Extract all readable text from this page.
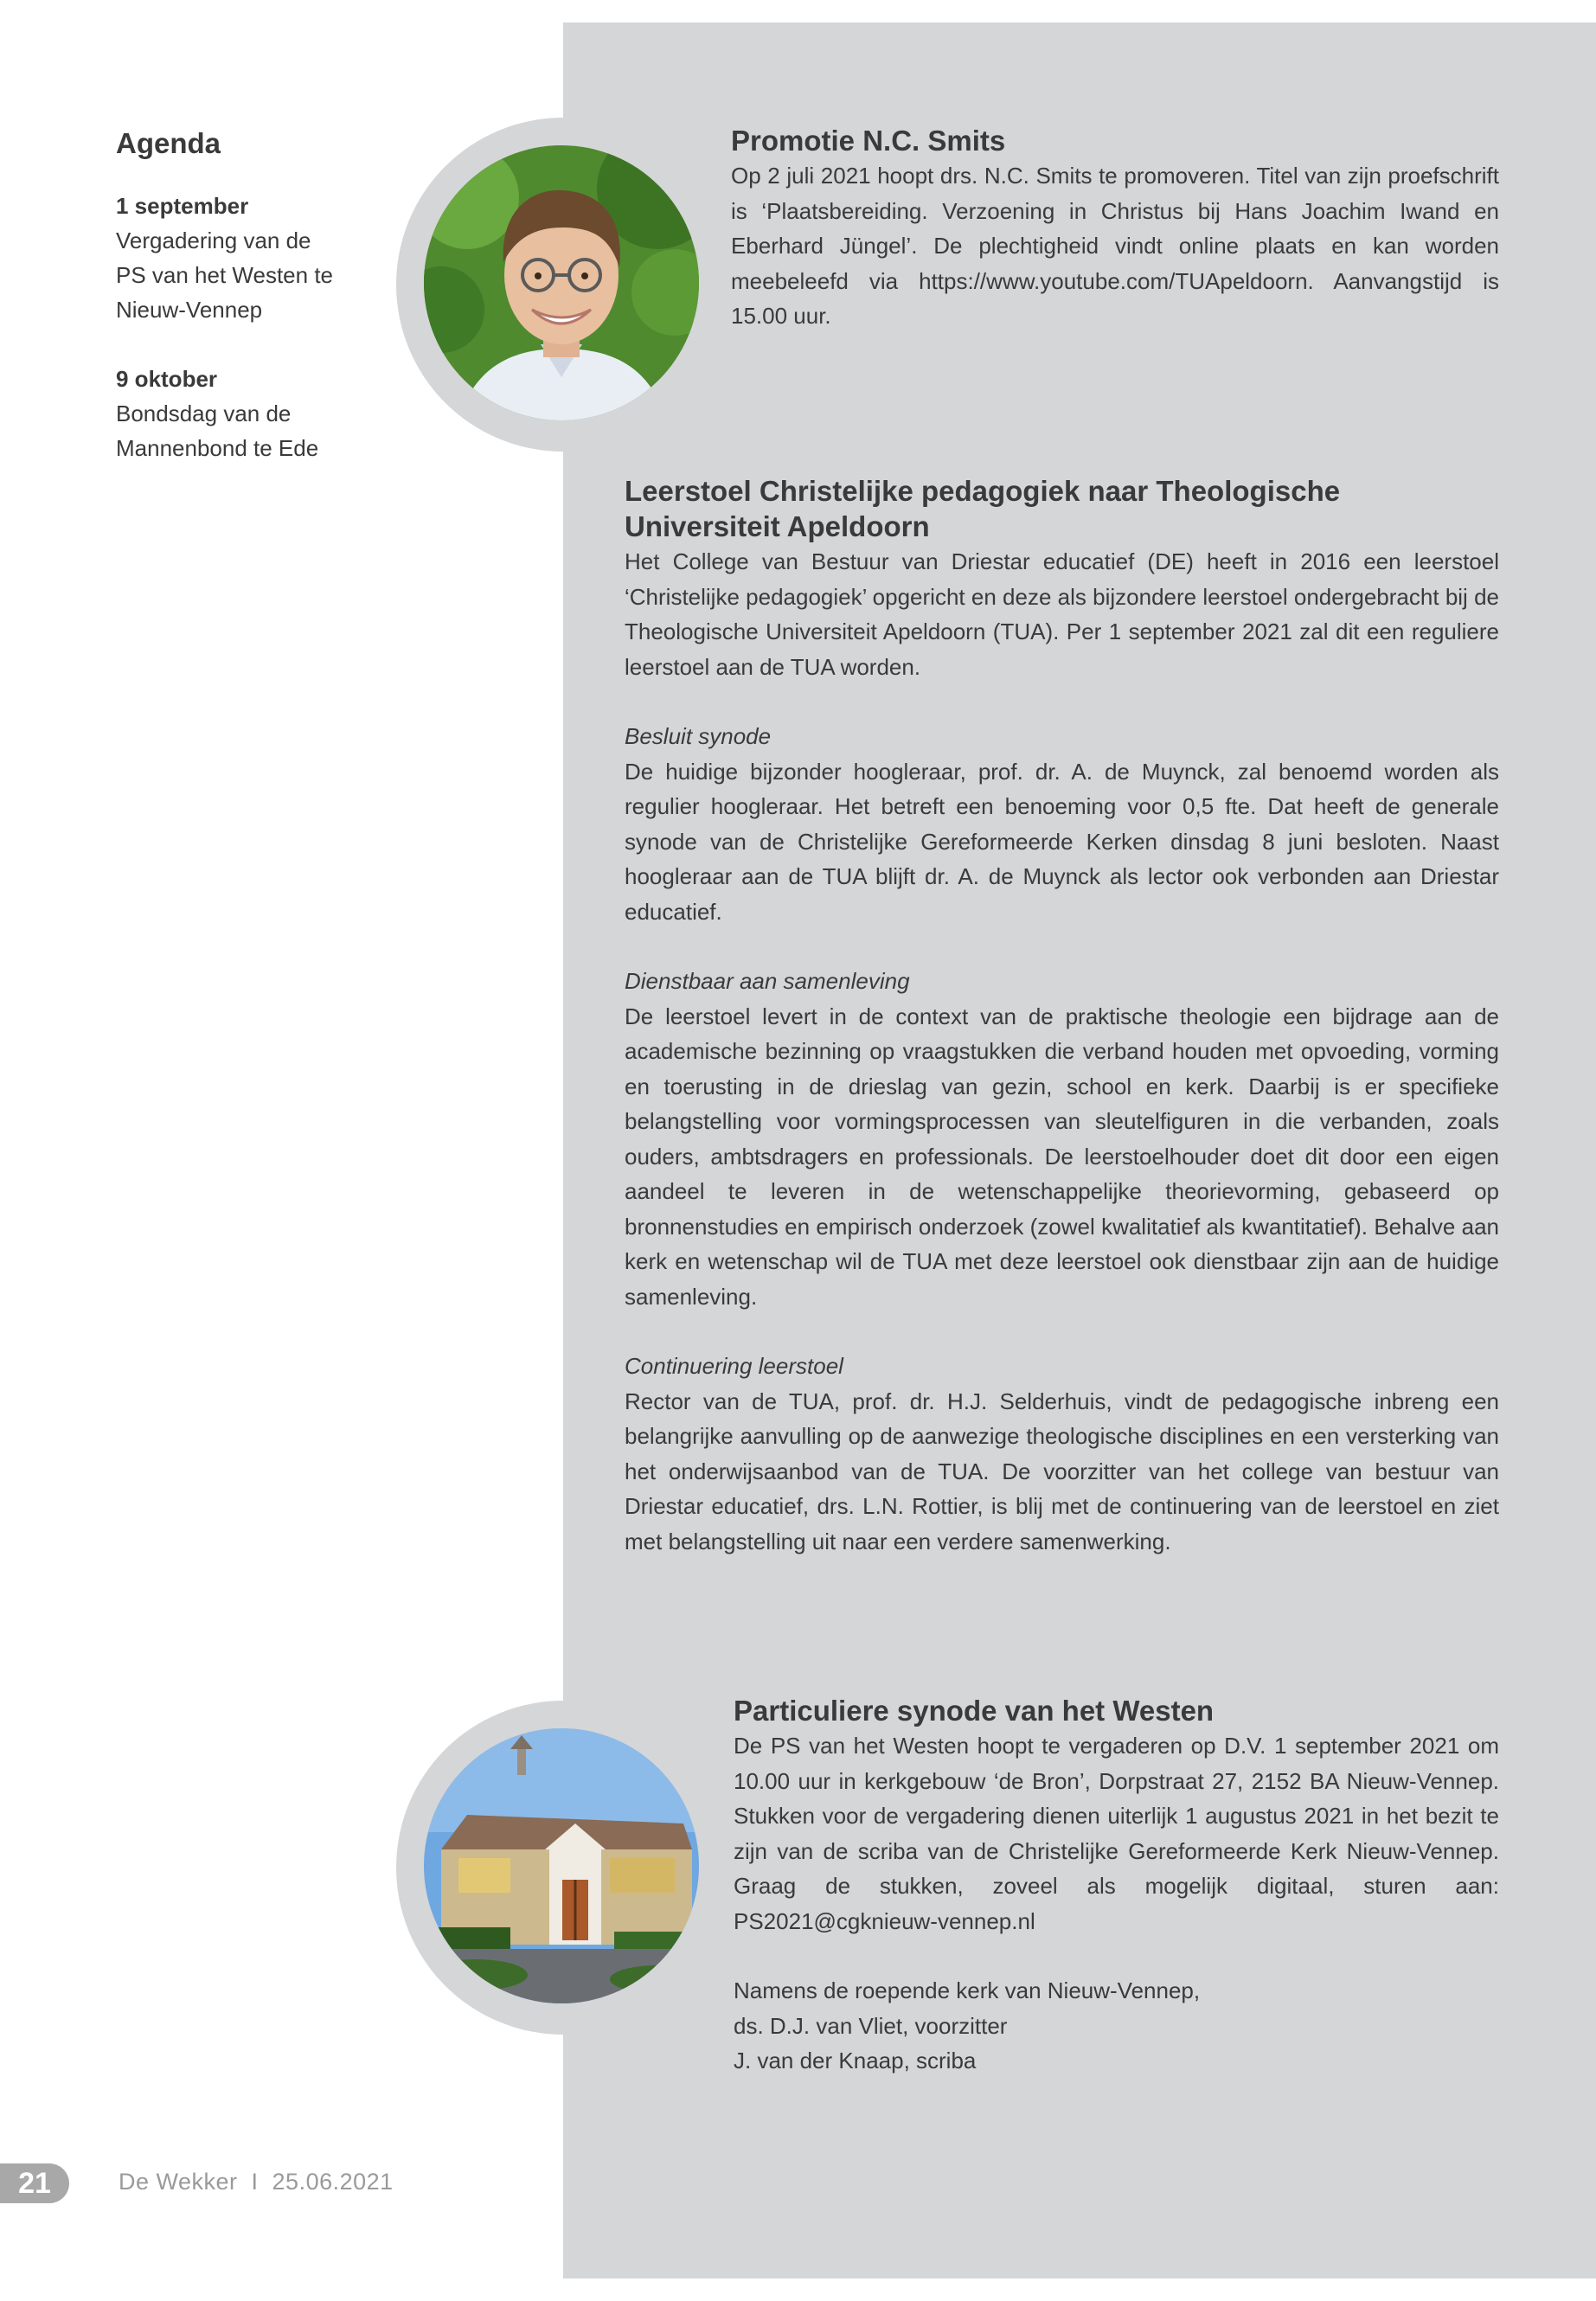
Agenda
1 september
Vergadering van de
PS van het Westen te
Nieuw-Vennep
9 oktober
Bondsdag van de
Mannenbond te Ede
Promotie N.C. Smits

Op 2 juli 2021 hoopt drs. N.C. Smits te promoveren. Titel van zijn proefschrift is ‘Plaatsbereiding. Verzoening in Christus bij Hans Joachim Iwand en Eberhard Jüngel’. De plechtigheid vindt online plaats en kan worden meebeleefd via https://www.youtube.com/TUApeldoorn. Aanvangstijd is 15.00 uur.

Leerstoel Christelijke pedagogiek naar Theologische Universiteit Apeldoorn

Het College van Bestuur van Driestar educatief (DE) heeft in 2016 een leerstoel ‘Christelijke pedagogiek’ opgericht en deze als bijzondere leerstoel ondergebracht bij de Theologische Universiteit Apeldoorn (TUA). Per 1 september 2021 zal dit een reguliere leerstoel aan de TUA worden.

Besluit synode

De huidige bijzonder hoogleraar, prof. dr. A. de Muynck, zal benoemd worden als regulier hoogleraar. Het betreft een benoeming voor 0,5 fte. Dat heeft de generale synode van de Christelijke Gereformeerde Kerken dinsdag 8 juni besloten. Naast hoogleraar aan de TUA blijft dr. A. de Muynck als lector ook verbonden aan Driestar educatief.

Dienstbaar aan samenleving

De leerstoel levert in de context van de praktische theologie een bijdrage aan de academische bezinning op vraagstukken die verband houden met opvoeding, vorming en toerusting in de drieslag van gezin, school en kerk. Daarbij is er specifieke belangstelling voor vormingsprocessen van sleutelfiguren in die verbanden, zoals ouders, ambtsdragers en professionals. De leerstoelhouder doet dit door een eigen aandeel te leveren in de wetenschappelijke theorievorming, gebaseerd op bronnenstudies en empirisch onderzoek (zowel kwalitatief als kwantitatief). Behalve aan kerk en wetenschap wil de TUA met deze leerstoel ook dienstbaar zijn aan de huidige samenleving.

Continuering leerstoel

Rector van de TUA, prof. dr. H.J. Selderhuis, vindt de pedagogische inbreng een belangrijke aanvulling op de aanwezige theologische disciplines en een versterking van het onderwijsaanbod van de TUA. De voorzitter van het college van bestuur van Driestar educatief, drs. L.N. Rottier, is blij met de continuering van de leerstoel en ziet met belangstelling uit naar een verdere samenwerking.

Particuliere synode van het Westen

De PS van het Westen hoopt te vergaderen op D.V. 1 september 2021 om 10.00 uur in kerkgebouw ‘de Bron’, Dorpstraat 27, 2152 BA Nieuw-Vennep. Stukken voor de vergadering dienen uiterlijk 1 augustus 2021 in het bezit te zijn van de scriba van de Christelijke Gereformeerde Kerk Nieuw-Vennep. Graag de stukken, zoveel als mogelijk digitaal, sturen aan: PS2021@cgknieuw-vennep.nl

Namens de roepende kerk van Nieuw-Vennep,
ds. D.J. van Vliet, voorzitter
J. van der Knaap, scriba
21	De Wekker  I  25.06.2021
